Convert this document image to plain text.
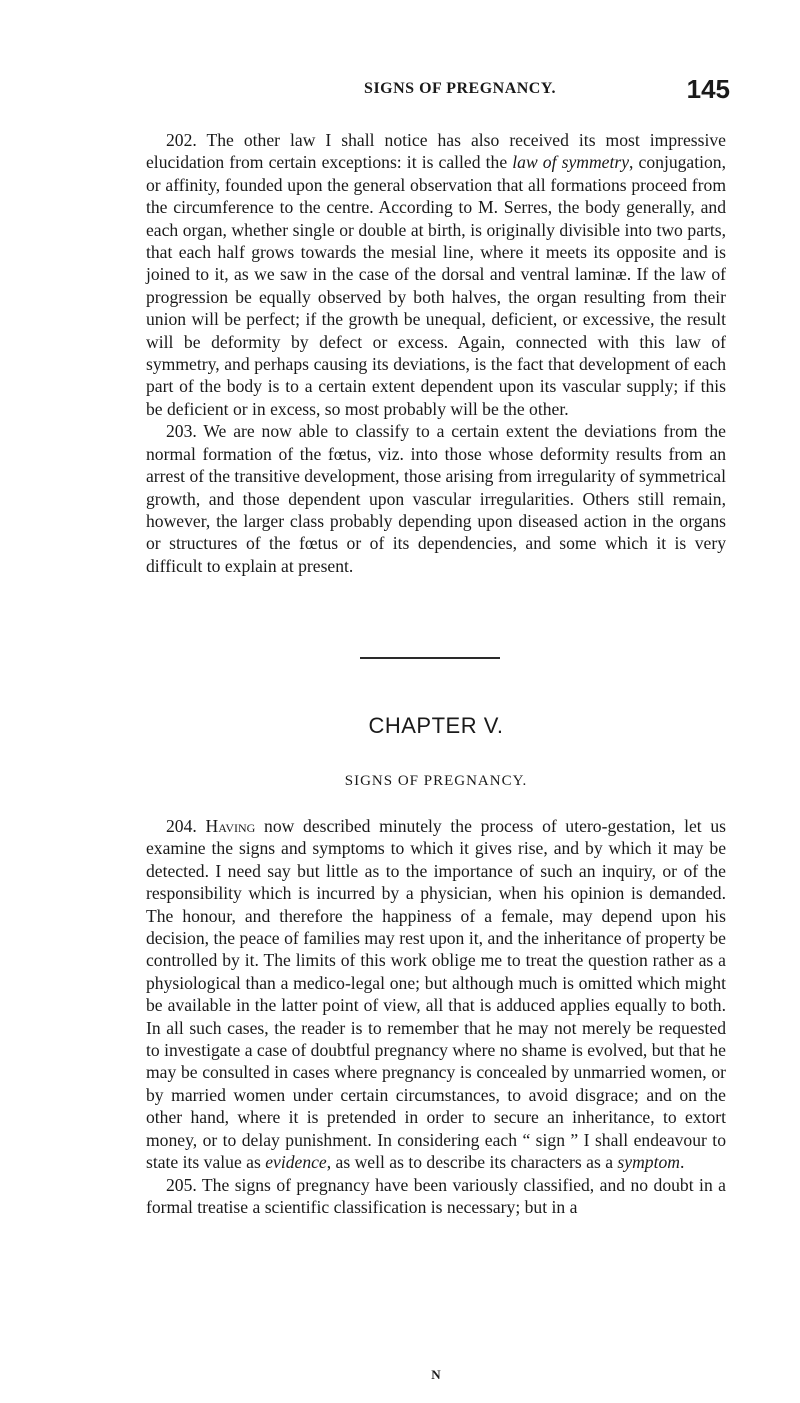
SIGNS OF PREGNANCY.	145

202. The other law I shall notice has also received its most impressive elucidation from certain exceptions: it is called the law of symmetry, conjugation, or affinity, founded upon the general observation that all formations proceed from the circumference to the centre. According to M. Serres, the body generally, and each organ, whether single or double at birth, is originally divisible into two parts, that each half grows towards the mesial line, where it meets its opposite and is joined to it, as we saw in the case of the dorsal and ventral laminæ. If the law of progression be equally observed by both halves, the organ resulting from their union will be perfect; if the growth be unequal, deficient, or excessive, the result will be deformity by defect or excess. Again, connected with this law of symmetry, and perhaps causing its deviations, is the fact that development of each part of the body is to a certain extent dependent upon its vascular supply; if this be deficient or in excess, so most probably will be the other.

203. We are now able to classify to a certain extent the deviations from the normal formation of the fœtus, viz. into those whose deformity results from an arrest of the transitive development, those arising from irregularity of symmetrical growth, and those dependent upon vascular irregularities. Others still remain, however, the larger class probably depending upon diseased action in the organs or structures of the fœtus or of its dependencies, and some which it is very difficult to explain at present.

CHAPTER V.
SIGNS OF PREGNANCY.

204. Having now described minutely the process of utero-gestation, let us examine the signs and symptoms to which it gives rise, and by which it may be detected. I need say but little as to the importance of such an inquiry, or of the responsibility which is incurred by a physician, when his opinion is demanded. The honour, and therefore the happiness of a female, may depend upon his decision, the peace of families may rest upon it, and the inheritance of property be controlled by it. The limits of this work oblige me to treat the question rather as a physiological than a medico-legal one; but although much is omitted which might be available in the latter point of view, all that is adduced applies equally to both. In all such cases, the reader is to remember that he may not merely be requested to investigate a case of doubtful pregnancy where no shame is evolved, but that he may be consulted in cases where pregnancy is concealed by unmarried women, or by married women under certain circumstances, to avoid disgrace; and on the other hand, where it is pretended in order to secure an inheritance, to extort money, or to delay punishment. In considering each “ sign ” I shall endeavour to state its value as evidence, as well as to describe its characters as a symptom.

205. The signs of pregnancy have been variously classified, and no doubt in a formal treatise a scientific classification is necessary; but in a

N
